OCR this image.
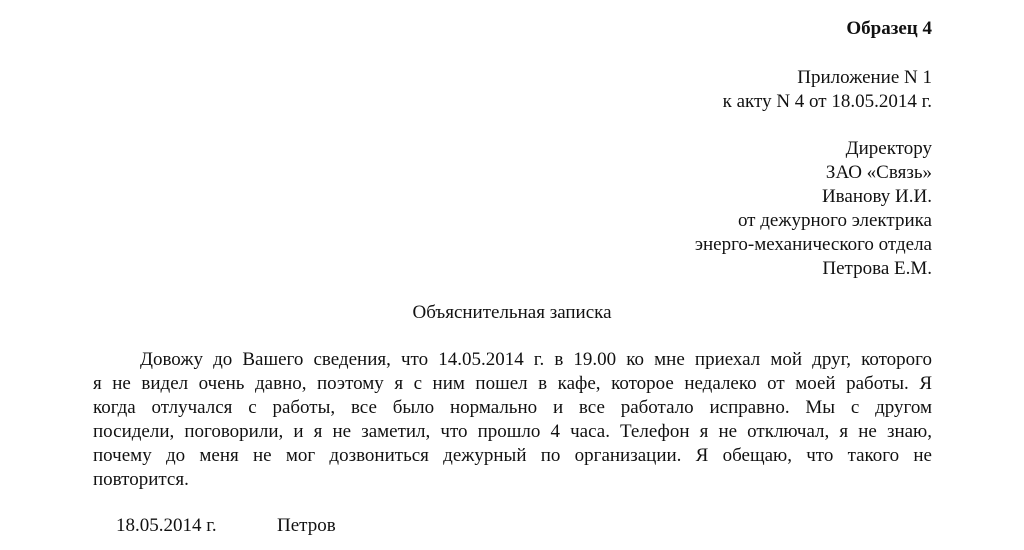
Образец 4
Приложение N 1
к акту N 4 от 18.05.2014 г.
Директору
ЗАО «Связь»
Иванову И.И.
от дежурного электрика
энерго-механического отдела
Петрова Е.М.
Объяснительная записка
Довожу до Вашего сведения, что 14.05.2014 г. в 19.00 ко мне приехал мой друг, которого
я не видел очень давно, поэтому я с ним пошел в кафе, которое недалеко от моей работы. Я
когда отлучался с работы, все было нормально и все работало исправно. Мы с другом
посидели, поговорили, и я не заметил, что прошло 4 часа. Телефон я не отключал, я не знаю,
почему до меня не мог дозвониться дежурный по организации. Я обещаю, что такого не
повторится.
18.05.2014 г.	Петров
